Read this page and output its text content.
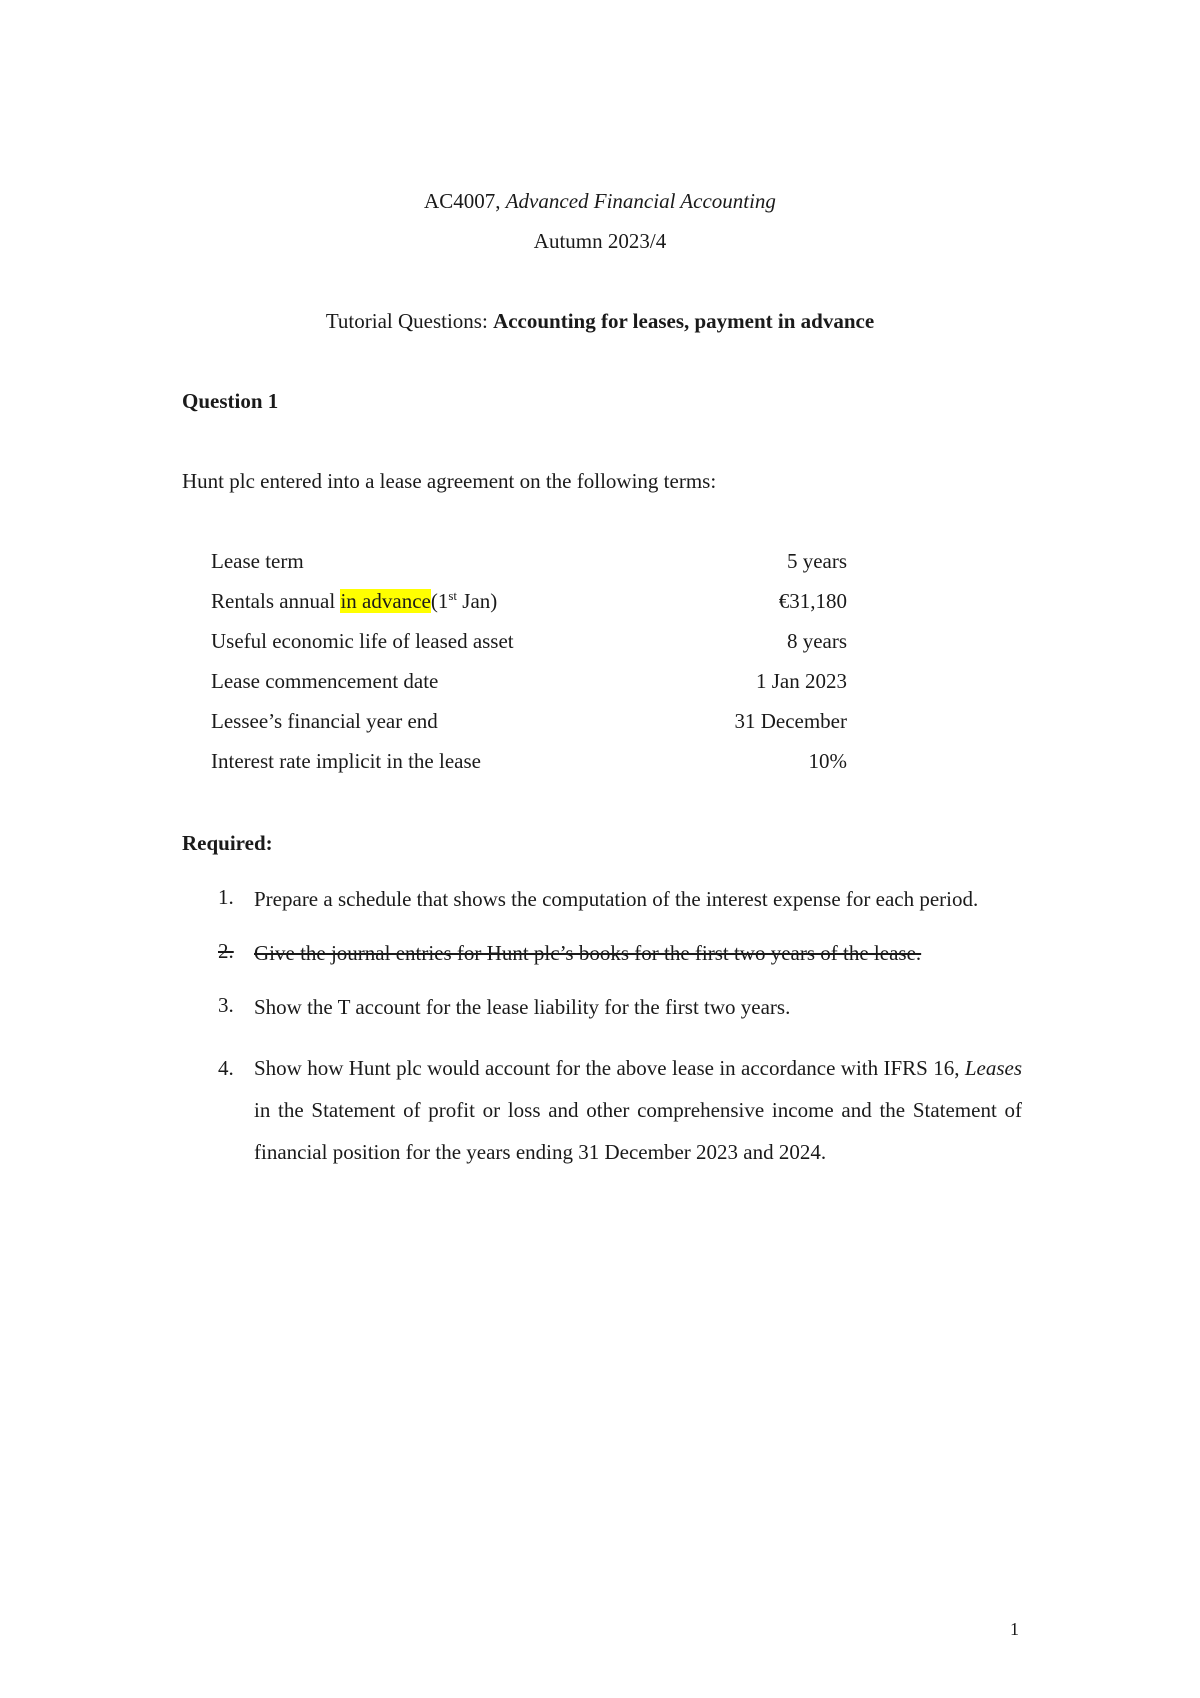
AC4007, Advanced Financial Accounting
Autumn 2023/4
Tutorial Questions: Accounting for leases, payment in advance
Question 1
Hunt plc entered into a lease agreement on the following terms:
Lease term	5 years
Rentals annual in advance(1st Jan)	€31,180
Useful economic life of leased asset	8 years
Lease commencement date	1 Jan 2023
Lessee’s financial year end	31 December
Interest rate implicit in the lease	10%
Required:
1. Prepare a schedule that shows the computation of the interest expense for each period.
2. Give the journal entries for Hunt plc’s books for the first two years of the lease.
3. Show the T account for the lease liability for the first two years.
4. Show how Hunt plc would account for the above lease in accordance with IFRS 16, Leases in the Statement of profit or loss and other comprehensive income and the Statement of financial position for the years ending 31 December 2023 and 2024.
1
